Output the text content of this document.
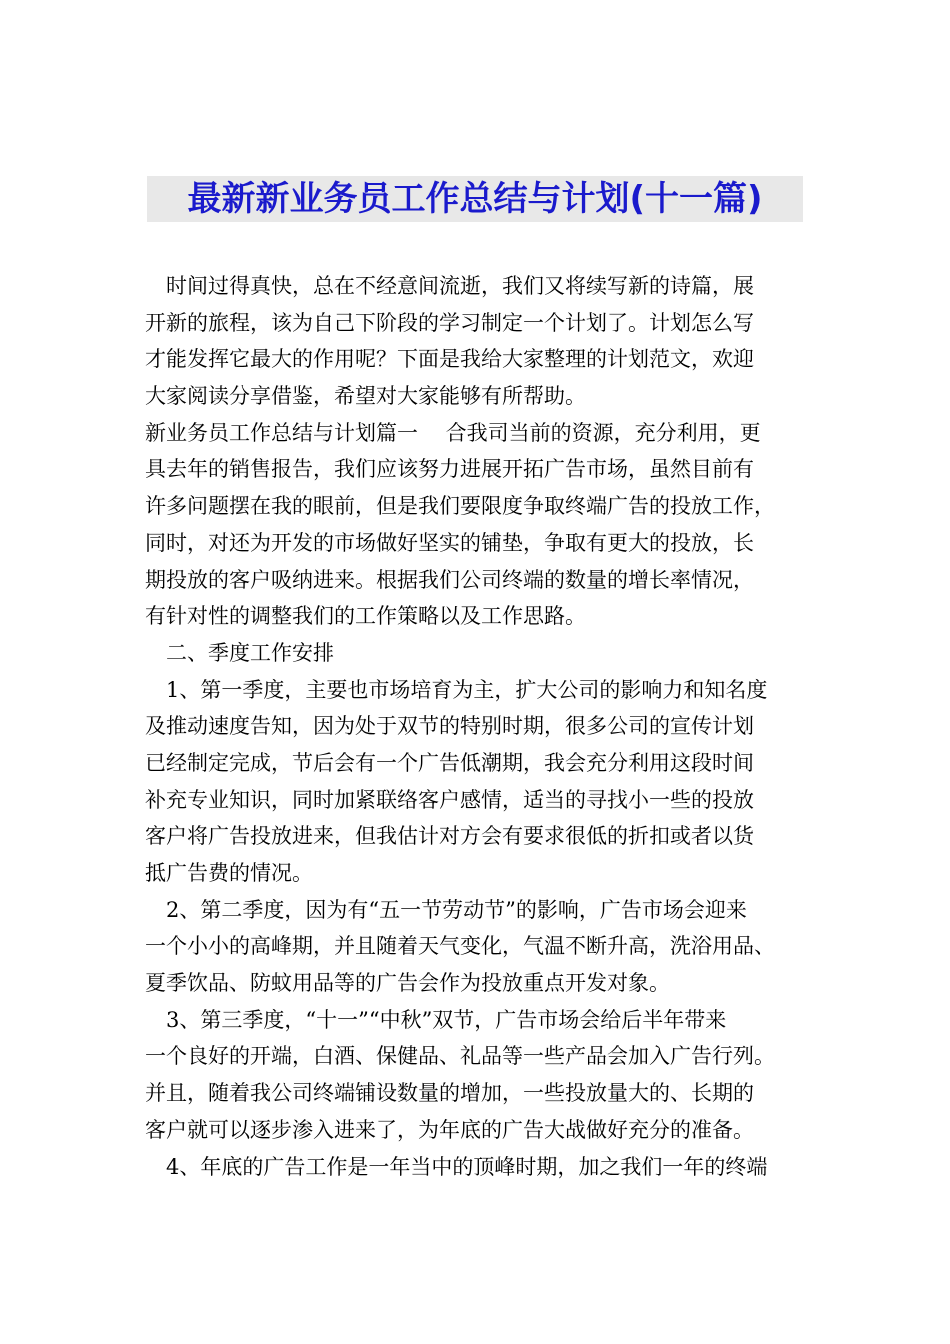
最新新业务员工作总结与计划(十一篇)
时间过得真快，总在不经意间流逝，我们又将续写新的诗篇，展
开新的旅程，该为自己下阶段的学习制定一个计划了。计划怎么写
才能发挥它最大的作用呢？下面是我给大家整理的计划范文，欢迎
大家阅读分享借鉴，希望对大家能够有所帮助。
新业务员工作总结与计划篇一　 合我司当前的资源，充分利用，更
具去年的销售报告，我们应该努力进展开拓广告市场，虽然目前有
许多问题摆在我的眼前，但是我们要限度争取终端广告的投放工作，
同时，对还为开发的市场做好坚实的铺垫，争取有更大的投放，长
期投放的客户吸纳进来。根据我们公司终端的数量的增长率情况，
有针对性的调整我们的工作策略以及工作思路。
二、季度工作安排
1、第一季度，主要也市场培育为主，扩大公司的影响力和知名度
及推动速度告知，因为处于双节的特别时期，很多公司的宣传计划
已经制定完成，节后会有一个广告低潮期，我会充分利用这段时间
补充专业知识，同时加紧联络客户感情，适当的寻找小一些的投放
客户将广告投放进来，但我估计对方会有要求很低的折扣或者以货
抵广告费的情况。
2、第二季度，因为有“五一节劳动节”的影响，广告市场会迎来
一个小小的高峰期，并且随着天气变化，气温不断升高，洗浴用品、
夏季饮品、防蚊用品等的广告会作为投放重点开发对象。
3、第三季度，“十一”“中秋”双节，广告市场会给后半年带来
一个良好的开端，白酒、保健品、礼品等一些产品会加入广告行列。
并且，随着我公司终端铺设数量的增加，一些投放量大的、长期的
客户就可以逐步渗入进来了，为年底的广告大战做好充分的准备。
4、年底的广告工作是一年当中的顶峰时期，加之我们一年的终端
